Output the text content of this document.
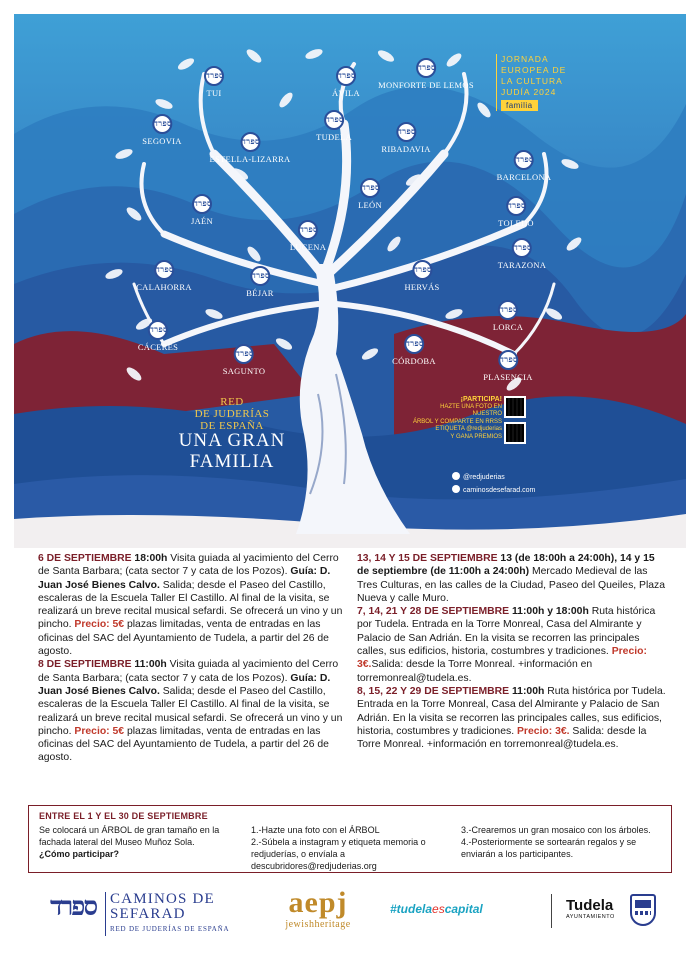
ספרד
TUI
ספרד
ÁVILA
ספרד
MONFORTE DE LEMOS
ספרד
SEGOVIA
ספרד
TUDELA
ספרד
ESTELLA-LIZARRA
ספרד
RIBADAVIA
ספרד
BARCELONA
ספרד
LEÓN
ספרד
JAÉN
ספרד
TOLEDO
ספרד
LUCENA	ספרד
TARAZONA
ספרד
CALAHORRA
ספרד
BÉJAR
ספרד
HERVÁS
ספרד
LORCA
ספרד
CÁCERES
ספרד
SAGUNTO
ספרד
CÓRDOBA	ספרד
PLASENCIA
JORNADA
EUROPEA DE
LA CULTURA
JUDÍA 2024
familia
RED
DE JUDERÍAS
DE ESPAÑA
UNA GRAN
FAMILIA
¡PARTICIPA!
HAZTE UNA FOTO EN NUESTRO
ÁRBOL Y COMPARTE EN RRSS
ETIQUETA @redjuderias
Y GANA PREMIOS
@redjuderias
caminosdesefarad.com

6 DE SEPTIEMBRE 18:00h Visita guiada al yacimiento del Cerro de Santa Barbara; (cata sector 7 y cata de los Pozos). Guía: D. Juan José Bienes Calvo. Salida; desde el Paseo del Castillo, escaleras de la Escuela Taller El Castillo. Al final de la visita, se realizará un breve recital musical sefardi. Se ofrecerá un vino y un pincho. Precio: 5€ plazas limitadas, venta de entradas en las oficinas del SAC del Ayuntamiento de Tudela, a partir del 26 de agosto.

8 DE SEPTIEMBRE 11:00h Visita guiada al yacimiento del Cerro de Santa Barbara; (cata sector 7 y cata de los Pozos). Guía: D. Juan José Bienes Calvo. Salida; desde el Paseo del Castillo, escaleras de la Escuela Taller El Castillo. Al final de la visita, se realizará un breve recital musical sefardi. Se ofrecerá un vino y un pincho. Precio: 5€ plazas limitadas, venta de entradas en las oficinas del SAC del Ayuntamiento de Tudela, a partir del 26 de agosto.

13, 14 Y 15 DE SEPTIEMBRE 13 (de 18:00h a 24:00h), 14 y 15 de septiembre (de 11:00h a 24:00h) Mercado Medieval de las Tres Culturas, en las calles de la Ciudad, Paseo del Queiles, Plaza Nueva y calle Muro.

7, 14, 21 Y 28 DE SEPTIEMBRE 11:00h y 18:00h Ruta histórica por Tudela. Entrada en la Torre Monreal, Casa del Almirante y Palacio de San Adrián. En la visita se recorren las principales calles, sus edificios, historia, costumbres y tradiciones. Precio: 3€.Salida: desde la Torre Monreal. +información en torremonreal@tudela.es.

8, 15, 22 Y 29 DE SEPTIEMBRE 11:00h Ruta histórica por Tudela. Entrada en la Torre Monreal, Casa del Almirante y Palacio de San Adrián. En la visita se recorren las principales calles, sus edificios, historia, costumbres y tradiciones. Precio: 3€. Salida: desde la Torre Monreal. +información en torremonreal@tudela.es.

ENTRE EL 1 Y EL 30 DE SEPTIEMBRE
Se colocará un ÁRBOL de gran tamaño en la fachada lateral del Museo Muñoz Sola.
¿Cómo participar?
1.-Hazte una foto con el ÁRBOL
2.-Súbela a instagram y etiqueta memoria o redjuderías, o envíala a descubridores@redjuderias.org
3.-Crearemos un gran mosaico con los árboles.
4.-Posteriormente se sortearán regalos y se enviarán a los participantes.
ספרד CAMINOS DE
SEFARAD
RED DE JUDERÍAS DE ESPAÑA
aepj
jewishheritage
#tudelaescapital	Tudela
AYUNTAMIENTO
